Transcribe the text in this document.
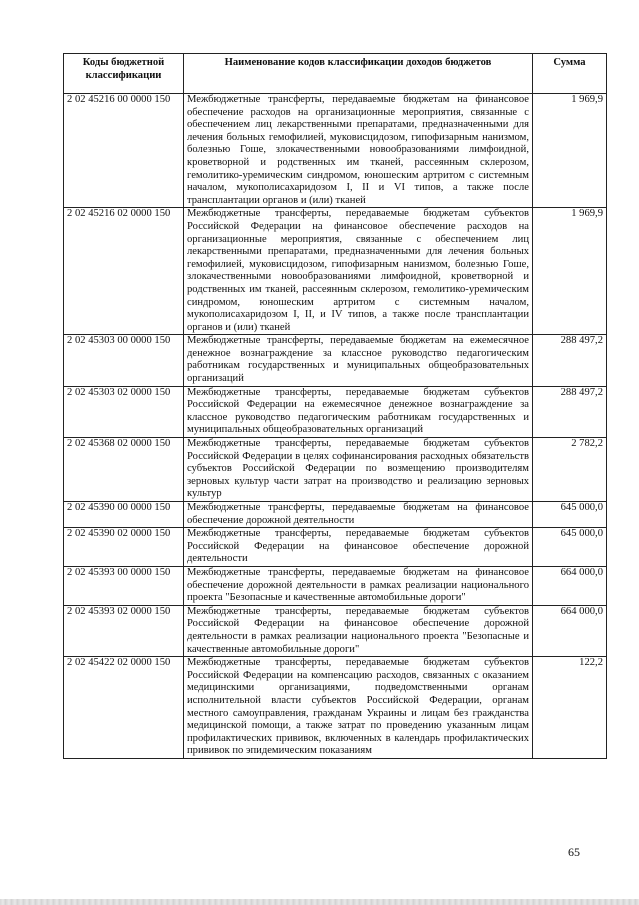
Коды бюджетной классификации	Наименование кодов классификации доходов бюджетов	Сумма
2 02 45216 00 0000 150	Межбюджетные трансферты, передаваемые бюджетам на финансовое обеспечение расходов на организационные мероприятия, связанные с обеспечением лиц лекарственными препаратами, предназначенными для лечения больных гемофилией, муковисцидозом, гипофизарным нанизмом, болезнью Гоше, злокачественными новообразованиями лимфоидной, кроветворной и родственных им тканей, рассеянным склерозом, гемолитико-уремическим синдромом, юношеским артритом с системным началом, мукополисахаридозом I, II и VI типов, а также после трансплантации органов и (или) тканей	1 969,9
2 02 45216 02 0000 150	Межбюджетные трансферты, передаваемые бюджетам субъектов Российской Федерации на финансовое обеспечение расходов на организационные мероприятия, связанные с обеспечением лиц лекарственными препаратами, предназначенными для лечения больных гемофилией, муковисцидозом, гипофизарным нанизмом, болезнью Гоше, злокачественными новообразованиями лимфоидной, кроветворной и родственных им тканей, рассеянным склерозом, гемолитико-уремическим синдромом, юношеским артритом с системным началом, мукополисахаридозом I, II, и IV типов, а также после трансплантации органов и (или) тканей	1 969,9
2 02 45303 00 0000 150	Межбюджетные трансферты, передаваемые бюджетам на ежемесячное денежное вознаграждение за классное руководство педагогическим работникам государственных и муниципальных общеобразовательных организаций	288 497,2
2 02 45303 02 0000 150	Межбюджетные трансферты, передаваемые бюджетам субъектов Российской Федерации на ежемесячное денежное вознаграждение за классное руководство педагогическим работникам государственных и муниципальных общеобразовательных организаций	288 497,2
2 02 45368 02 0000 150	Межбюджетные трансферты, передаваемые бюджетам субъектов Российской Федерации в целях софинансирования расходных обязательств субъектов Российской Федерации по возмещению производителям зерновых культур части затрат на производство и реализацию зерновых культур	2 782,2
2 02 45390 00 0000 150	Межбюджетные трансферты, передаваемые бюджетам на финансовое обеспечение дорожной деятельности	645 000,0
2 02 45390 02 0000 150	Межбюджетные трансферты, передаваемые бюджетам субъектов Российской Федерации на финансовое обеспечение дорожной деятельности	645 000,0
2 02 45393 00 0000 150	Межбюджетные трансферты, передаваемые бюджетам на финансовое обеспечение дорожной деятельности в рамках реализации национального проекта "Безопасные и качественные автомобильные дороги"	664 000,0
2 02 45393 02 0000 150	Межбюджетные трансферты, передаваемые бюджетам субъектов Российской Федерации на финансовое обеспечение дорожной деятельности в рамках реализации национального проекта "Безопасные и качественные автомобильные дороги"	664 000,0
2 02 45422 02 0000 150	Межбюджетные трансферты, передаваемые бюджетам субъектов Российской Федерации на компенсацию расходов, связанных с оказанием медицинскими организациями, подведомственными органам исполнительной власти субъектов Российской Федерации, органам местного самоуправления, гражданам Украины и лицам без гражданства медицинской помощи, а также затрат по проведению указанным лицам профилактических прививок, включенных в календарь профилактических прививок по эпидемическим показаниям	122,2
65
